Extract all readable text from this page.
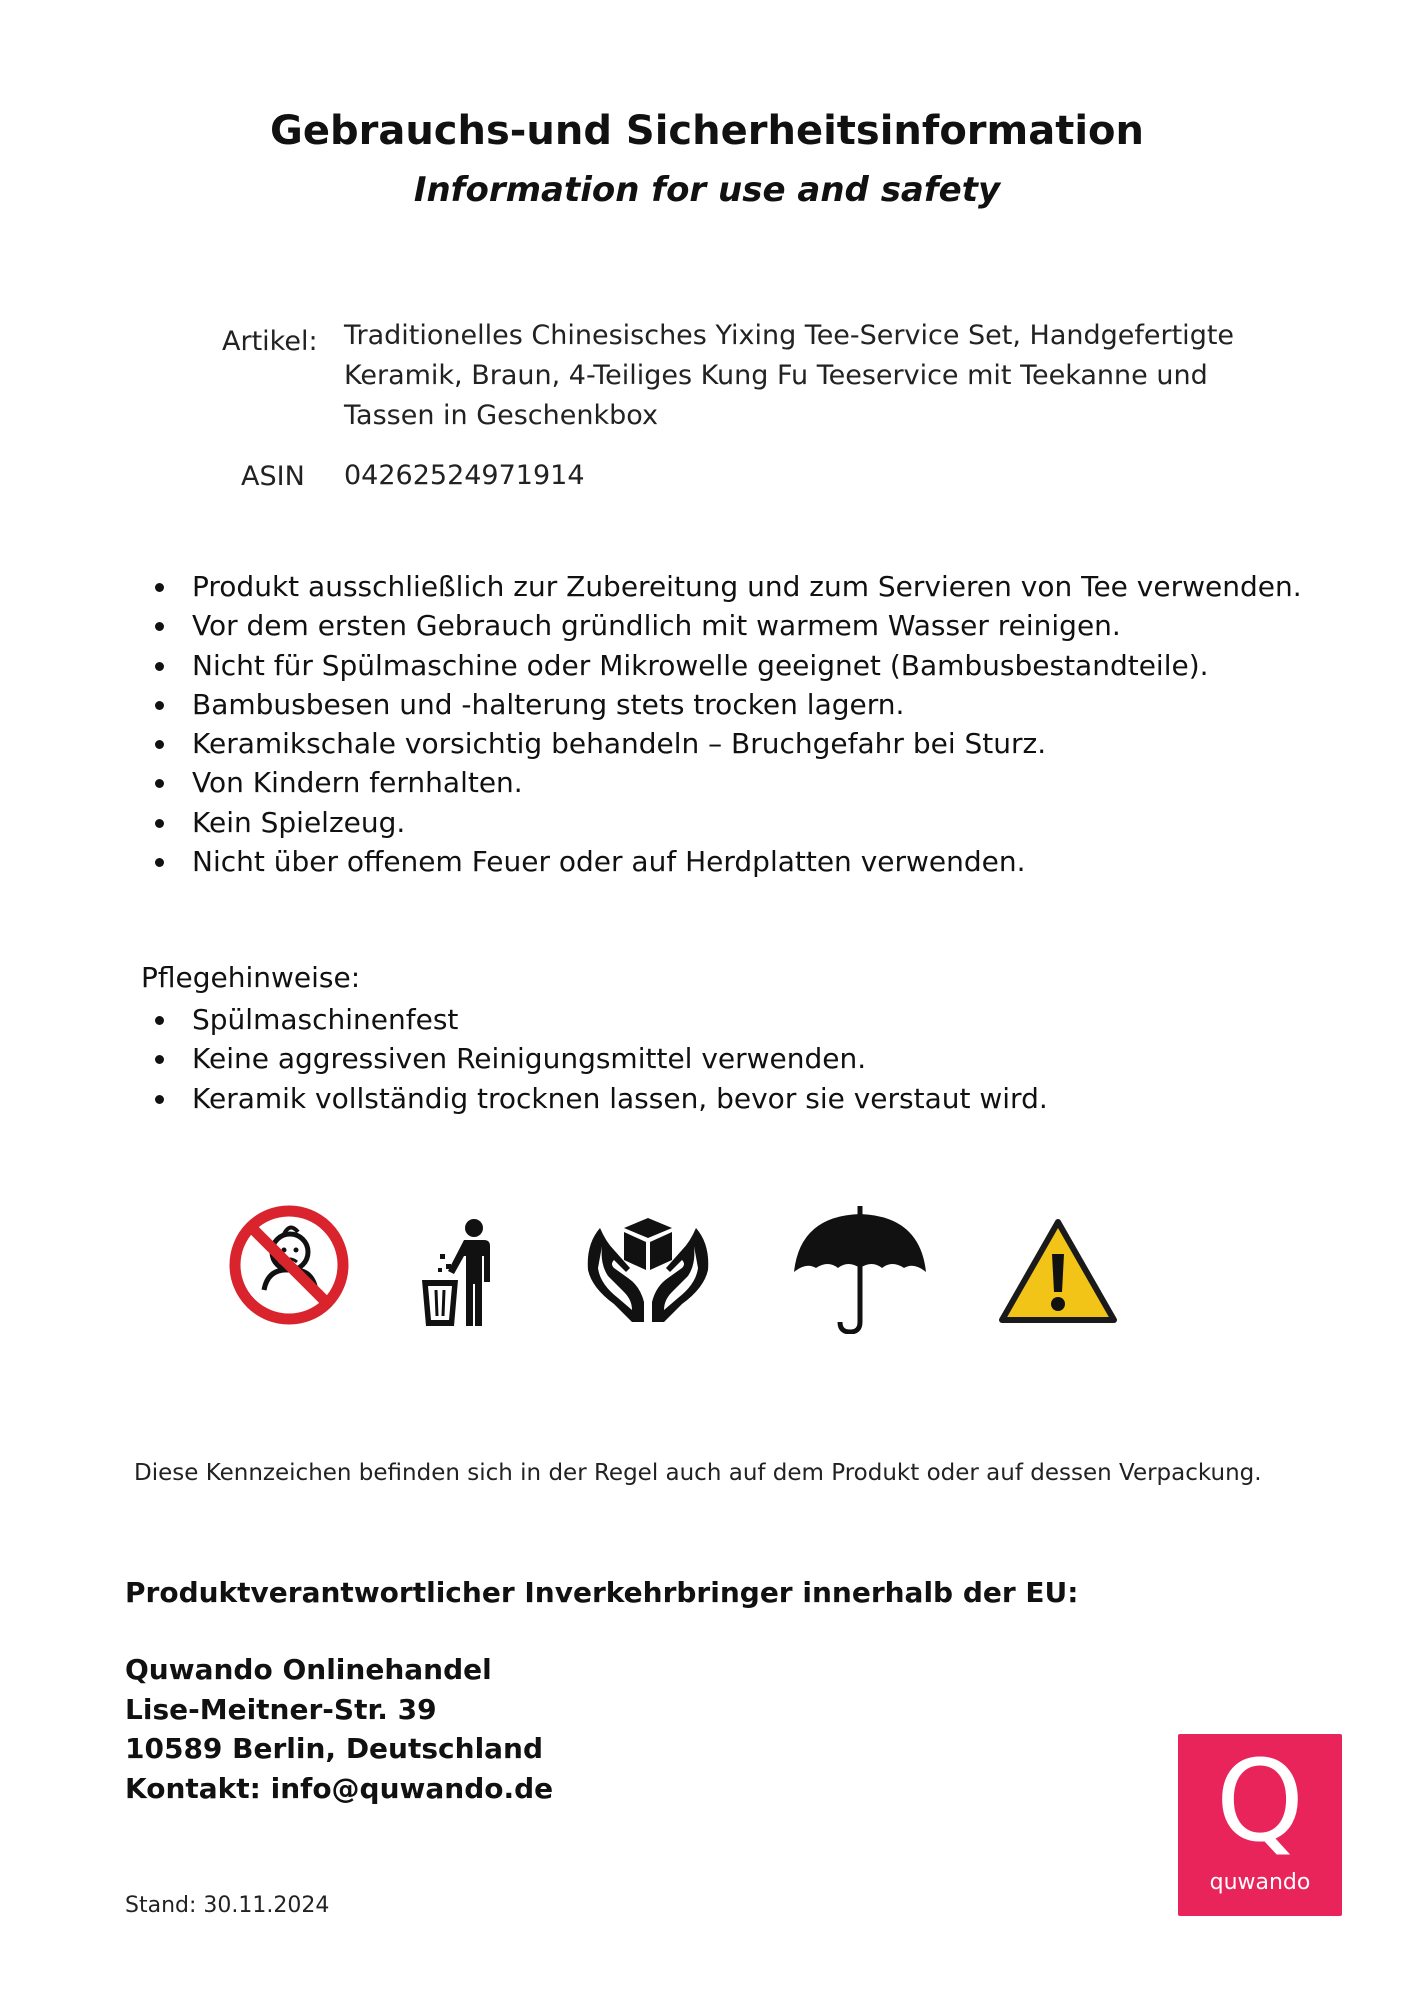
Gebrauchs-und Sicherheitsinformation
Information for use and safety
Artikel: Traditionelles Chinesisches Yixing Tee-Service Set, Handgefertigte
Keramik, Braun, 4-Teiliges Kung Fu Teeservice mit Teekanne und
Tassen in Geschenkbox
ASIN 04262524971914
Produkt ausschließlich zur Zubereitung und zum Servieren von Tee verwenden.
Vor dem ersten Gebrauch gründlich mit warmem Wasser reinigen.
Nicht für Spülmaschine oder Mikrowelle geeignet (Bambusbestandteile).
Bambusbesen und -halterung stets trocken lagern.
Keramikschale vorsichtig behandeln – Bruchgefahr bei Sturz.
Von Kindern fernhalten.
Kein Spielzeug.
Nicht über offenem Feuer oder auf Herdplatten verwenden.
Pflegehinweise:
Spülmaschinenfest
Keine aggressiven Reinigungsmittel verwenden.
Keramik vollständig trocknen lassen, bevor sie verstaut wird.
Diese Kennzeichen befinden sich in der Regel auch auf dem Produkt oder auf dessen Verpackung.
Produktverantwortlicher Inverkehrbringer innerhalb der EU:
Quwando Onlinehandel
Lise-Meitner-Str. 39
10589 Berlin, Deutschland
Kontakt: info@quwando.de
Stand: 30.11.2024
Q
quwando
